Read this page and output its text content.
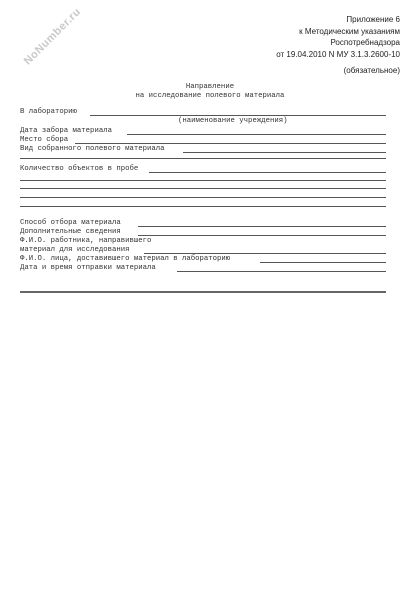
NoNumber.ru	Приложение 6
к Методическим указаниям
Роспотребнадзора
от 19.04.2010 N МУ 3.1.3.2600-10
(обязательное)
Направление
на исследование полевого материала
В лабораторию
(наименование учреждения)
Дата забора материала
Место сбора
Вид собранного полевого материала
Количество объектов в пробе
Способ отбора материала
Дополнительные сведения
Ф.И.О. работника, направившего
материал для исследования
Ф.И.О. лица, доставившего материал в лабораторию
Дата и время отправки материала
